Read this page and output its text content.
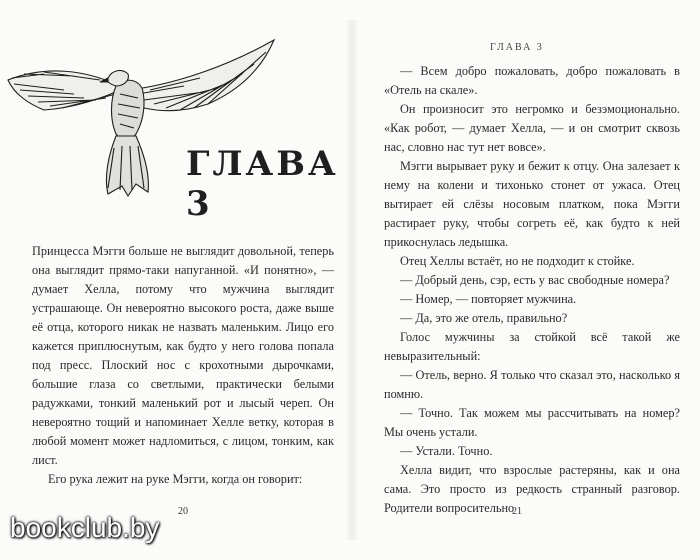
ГЛАВА 3

Принцесса Мэгги больше не выглядит довольной, теперь она выглядит прямо-таки напуганной. «И понятно», — думает Хелла, потому что мужчина выглядит устрашающе. Он невероятно высокого роста, даже выше её отца, которого никак не назвать маленьким. Лицо его кажется приплюснутым, как будто у него голова попала под пресс. Плоский нос с крохотными дырочками, большие глаза со светлыми, практически белыми радужками, тонкий маленький рот и лысый череп. Он невероятно тощий и напоминает Хелле ветку, которая в любой момент может надломиться, с лицом, тонким, как лист.

Его рука лежит на руке Мэгги, когда он говорит:

20
ГЛАВА 3

— Всем добро пожаловать, добро пожаловать в «Отель на скале».

Он произносит это негромко и безэмоционально. «Как робот, — думает Хелла, — и он смотрит сквозь нас, словно нас тут нет вовсе».

Мэгги вырывает руку и бежит к отцу. Она залезает к нему на колени и тихонько стонет от ужаса. Отец вытирает ей слёзы носовым платком, пока Мэгги растирает руку, чтобы согреть её, как будто к ней прикоснулась ледышка.

Отец Хеллы встаёт, но не подходит к стойке.

— Добрый день, сэр, есть у вас свободные номера?

— Номер, — повторяет мужчина.

— Да, это же отель, правильно?

Голос мужчины за стойкой всё такой же невыразительный:

— Отель, верно. Я только что сказал это, насколько я помню.

— Точно. Так можем мы рассчитывать на номер? Мы очень устали.

— Устали. Точно.

Хелла видит, что взрослые растеряны, как и она сама. Это просто из редкость странный разговор. Родители вопросительно

21
bookclub.by
